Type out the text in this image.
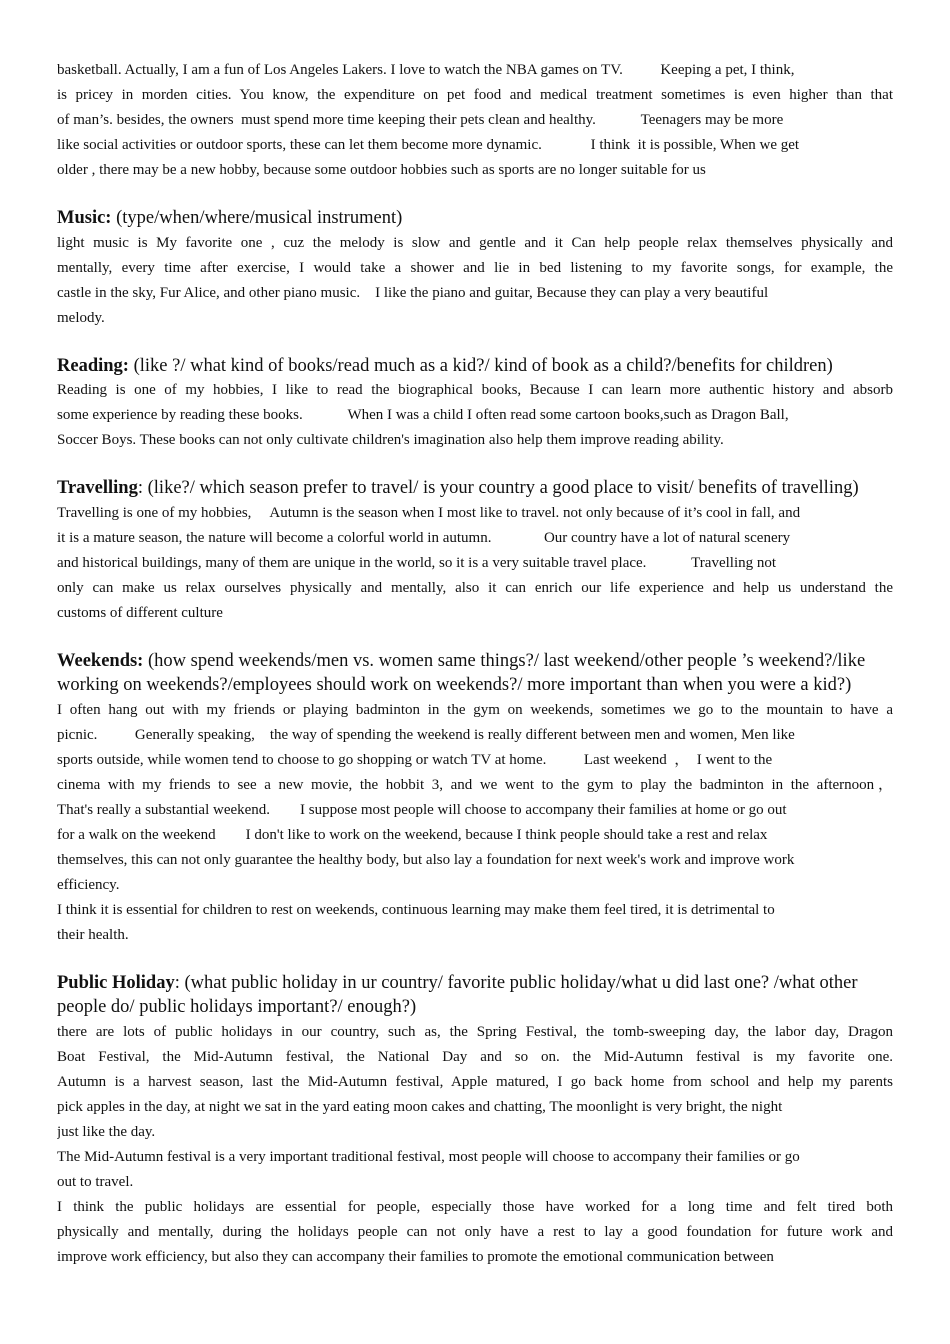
basketball. Actually, I am a fun of Los Angeles Lakers. I love to watch the NBA games on TV.          Keeping a pet, I think,
is pricey in morden cities. You know, the expenditure on pet food and medical treatment sometimes is even higher than that
of man’s. besides, the owners  must spend more time keeping their pets clean and healthy.            Teenagers may be more
like social activities or outdoor sports, these can let them become more dynamic.             I think  it is possible, When we get
older , there may be a new hobby, because some outdoor hobbies such as sports are no longer suitable for us
Music: (type/when/where/musical instrument)
light music is My favorite one , cuz the melody is slow and gentle and it Can help people relax themselves physically and
mentally, every time after exercise, I would take a shower and lie in bed listening to my favorite songs, for example, the
castle in the sky, Fur Alice, and other piano music.    I like the piano and guitar, Because they can play a very beautiful
melody.
Reading: (like ?/ what kind of books/read much as a kid?/ kind of book as a child?/benefits for children)
Reading is one of my hobbies, I like to read the biographical books, Because I can learn more authentic history and absorb
some experience by reading these books.            When I was a child I often read some cartoon books,such as Dragon Ball,
Soccer Boys. These books can not only cultivate children's imagination also help them improve reading ability.
Travelling: (like?/ which season prefer to travel/ is your country a good place to visit/ benefits of travelling)
Travelling is one of my hobbies,     Autumn is the season when I most like to travel. not only because of it’s cool in fall, and
it is a mature season, the nature will become a colorful world in autumn.              Our country have a lot of natural scenery
and historical buildings, many of them are unique in the world, so it is a very suitable travel place.            Travelling not
only can make us relax ourselves physically and mentally, also it can enrich our life experience and help us understand the
customs of different culture
Weekends: (how spend weekends/men vs. women same things?/ last weekend/other people ’s weekend?/like
working on weekends?/employees should work on weekends?/ more important than when you were a kid?)
I often hang out with my friends or playing badminton in the gym on weekends, sometimes we go to the mountain to have a
picnic.          Generally speaking,    the way of spending the weekend is really different between men and women, Men like
sports outside, while women tend to choose to go shopping or watch TV at home.          Last weekend  ，  I went to the
cinema with my friends to see a new movie, the hobbit 3, and we went to the gym to play the badminton in the afternoon，
That's really a substantial weekend.        I suppose most people will choose to accompany their families at home or go out
for a walk on the weekend        I don't like to work on the weekend, because I think people should take a rest and relax
themselves, this can not only guarantee the healthy body, but also lay a foundation for next week's work and improve work
efficiency.
I think it is essential for children to rest on weekends, continuous learning may make them feel tired, it is detrimental to
their health.
Public Holiday: (what public holiday in ur country/ favorite public holiday/what u did last one? /what other
people do/ public holidays important?/ enough?)
there are lots of public holidays in our country, such as, the Spring Festival, the tomb-sweeping day, the labor day, Dragon
Boat Festival, the Mid-Autumn festival, the National Day and so on. the Mid-Autumn festival is my favorite one.
Autumn is a harvest season, last the Mid-Autumn festival, Apple matured, I go back home from school and help my parents
pick apples in the day, at night we sat in the yard eating moon cakes and chatting, The moonlight is very bright, the night
just like the day.
The Mid-Autumn festival is a very important traditional festival, most people will choose to accompany their families or go
out to travel.
I think the public holidays are essential for people, especially those have worked for a long time and felt tired both
physically and mentally, during the holidays people can not only have a rest to lay a good foundation for future work and
improve work efficiency, but also they can accompany their families to promote the emotional communication between
